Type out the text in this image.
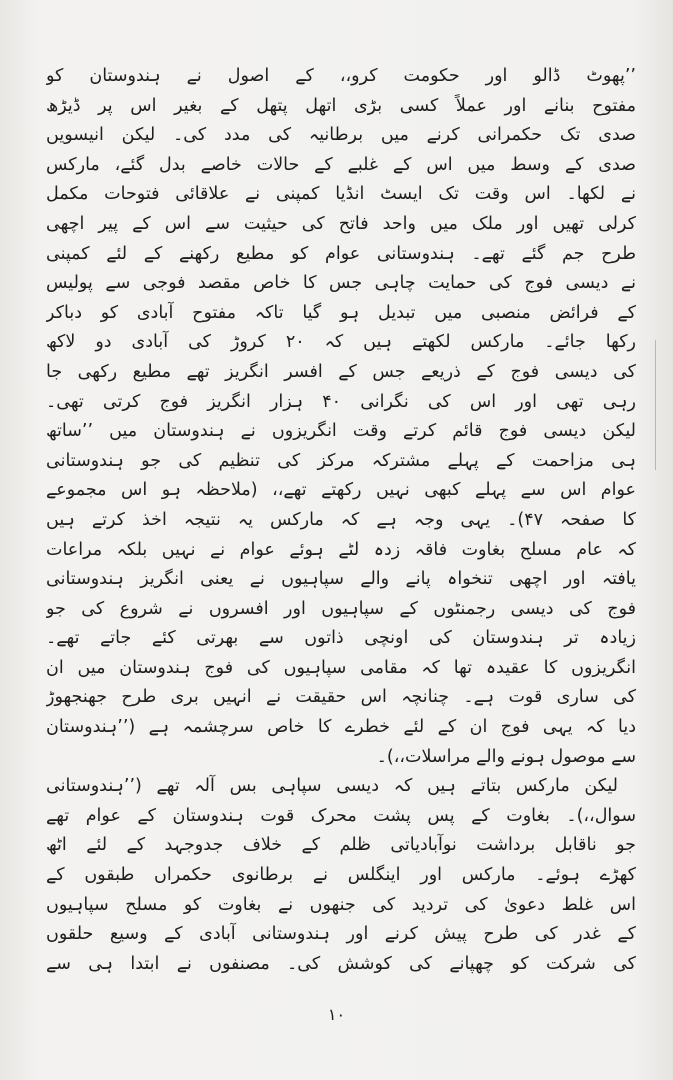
’’پھوٹ ڈالو اور حکومت کرو،، کے اصول نے ہندوستان کو
مفتوح بنانے اور عملاً کسی بڑی اتھل پتھل کے بغیر اس پر ڈیڑھ
صدی تک حکمرانی کرنے میں برطانیہ کی مدد کی۔ لیکن انیسویں
صدی کے وسط میں اس کے غلبے کے حالات خاصے بدل گئے، مارکس
نے لکھا۔ اس وقت تک ایسٹ انڈیا کمپنی نے علاقائی فتوحات مکمل
کرلی تھیں اور ملک میں واحد فاتح کی حیثیت سے اس کے پیر اچھی
طرح جم گئے تھے۔ ہندوستانی عوام کو مطیع رکھنے کے لئے کمپنی
نے دیسی فوج کی حمایت چاہی جس کا خاص مقصد فوجی سے پولیس
کے فرائض منصبی میں تبدیل ہو گیا تاکہ مفتوح آبادی کو دباکر
رکھا جائے۔ مارکس لکھتے ہیں کہ ۲۰ کروڑ کی آبادی دو لاکھ
کی دیسی فوج کے ذریعے جس کے افسر انگریز تھے مطیع رکھی جا
رہی تھی اور اس کی نگرانی ۴۰ ہزار انگریز فوج کرتی تھی۔
لیکن دیسی فوج قائم کرتے وقت انگریزوں نے ہندوستان میں ’’ساتھ
ہی مزاحمت کے پہلے مشترکہ مرکز کی تنظیم کی جو ہندوستانی
عوام اس سے پہلے کبھی نہیں رکھتے تھے،، (ملاحظہ ہو اس مجموعے
کا صفحہ ۴۷)۔ یہی وجہ ہے کہ مارکس یہ نتیجہ اخذ کرتے ہیں
کہ عام مسلح بغاوت فاقہ زدہ لٹے ہوئے عوام نے نہیں بلکہ مراعات
یافتہ اور اچھی تنخواہ پانے والے سپاہیوں نے یعنی انگریز ہندوستانی
فوج کی دیسی رجمنٹوں کے سپاہیوں اور افسروں نے شروع کی جو
زیادہ تر ہندوستان کی اونچی ذاتوں سے بھرتی کئے جاتے تھے۔
انگریزوں کا عقیدہ تھا کہ مقامی سپاہیوں کی فوج ہندوستان میں ان
کی ساری قوت ہے۔ چنانچہ اس حقیقت نے انہیں بری طرح جھنجھوڑ
دیا کہ یہی فوج ان کے لئے خطرے کا خاص سرچشمہ ہے (’’ہندوستان
سے موصول ہونے والے مراسلات،،)۔
لیکن مارکس بتاتے ہیں کہ دیسی سپاہی بس آلہ تھے (’’ہندوستانی
سوال،،)۔ بغاوت کے پس پشت محرک قوت ہندوستان کے عوام تھے
جو ناقابل برداشت نوآبادیاتی ظلم کے خلاف جدوجہد کے لئے اٹھ
کھڑے ہوئے۔ مارکس اور اینگلس نے برطانوی حکمراں طبقوں کے
اس غلط دعویٰ کی تردید کی جنھوں نے بغاوت کو مسلح سپاہیوں
کے غدر کی طرح پیش کرنے اور ہندوستانی آبادی کے وسیع حلقوں
کی شرکت کو چھپانے کی کوشش کی۔ مصنفوں نے ابتدا ہی سے
۱۰
